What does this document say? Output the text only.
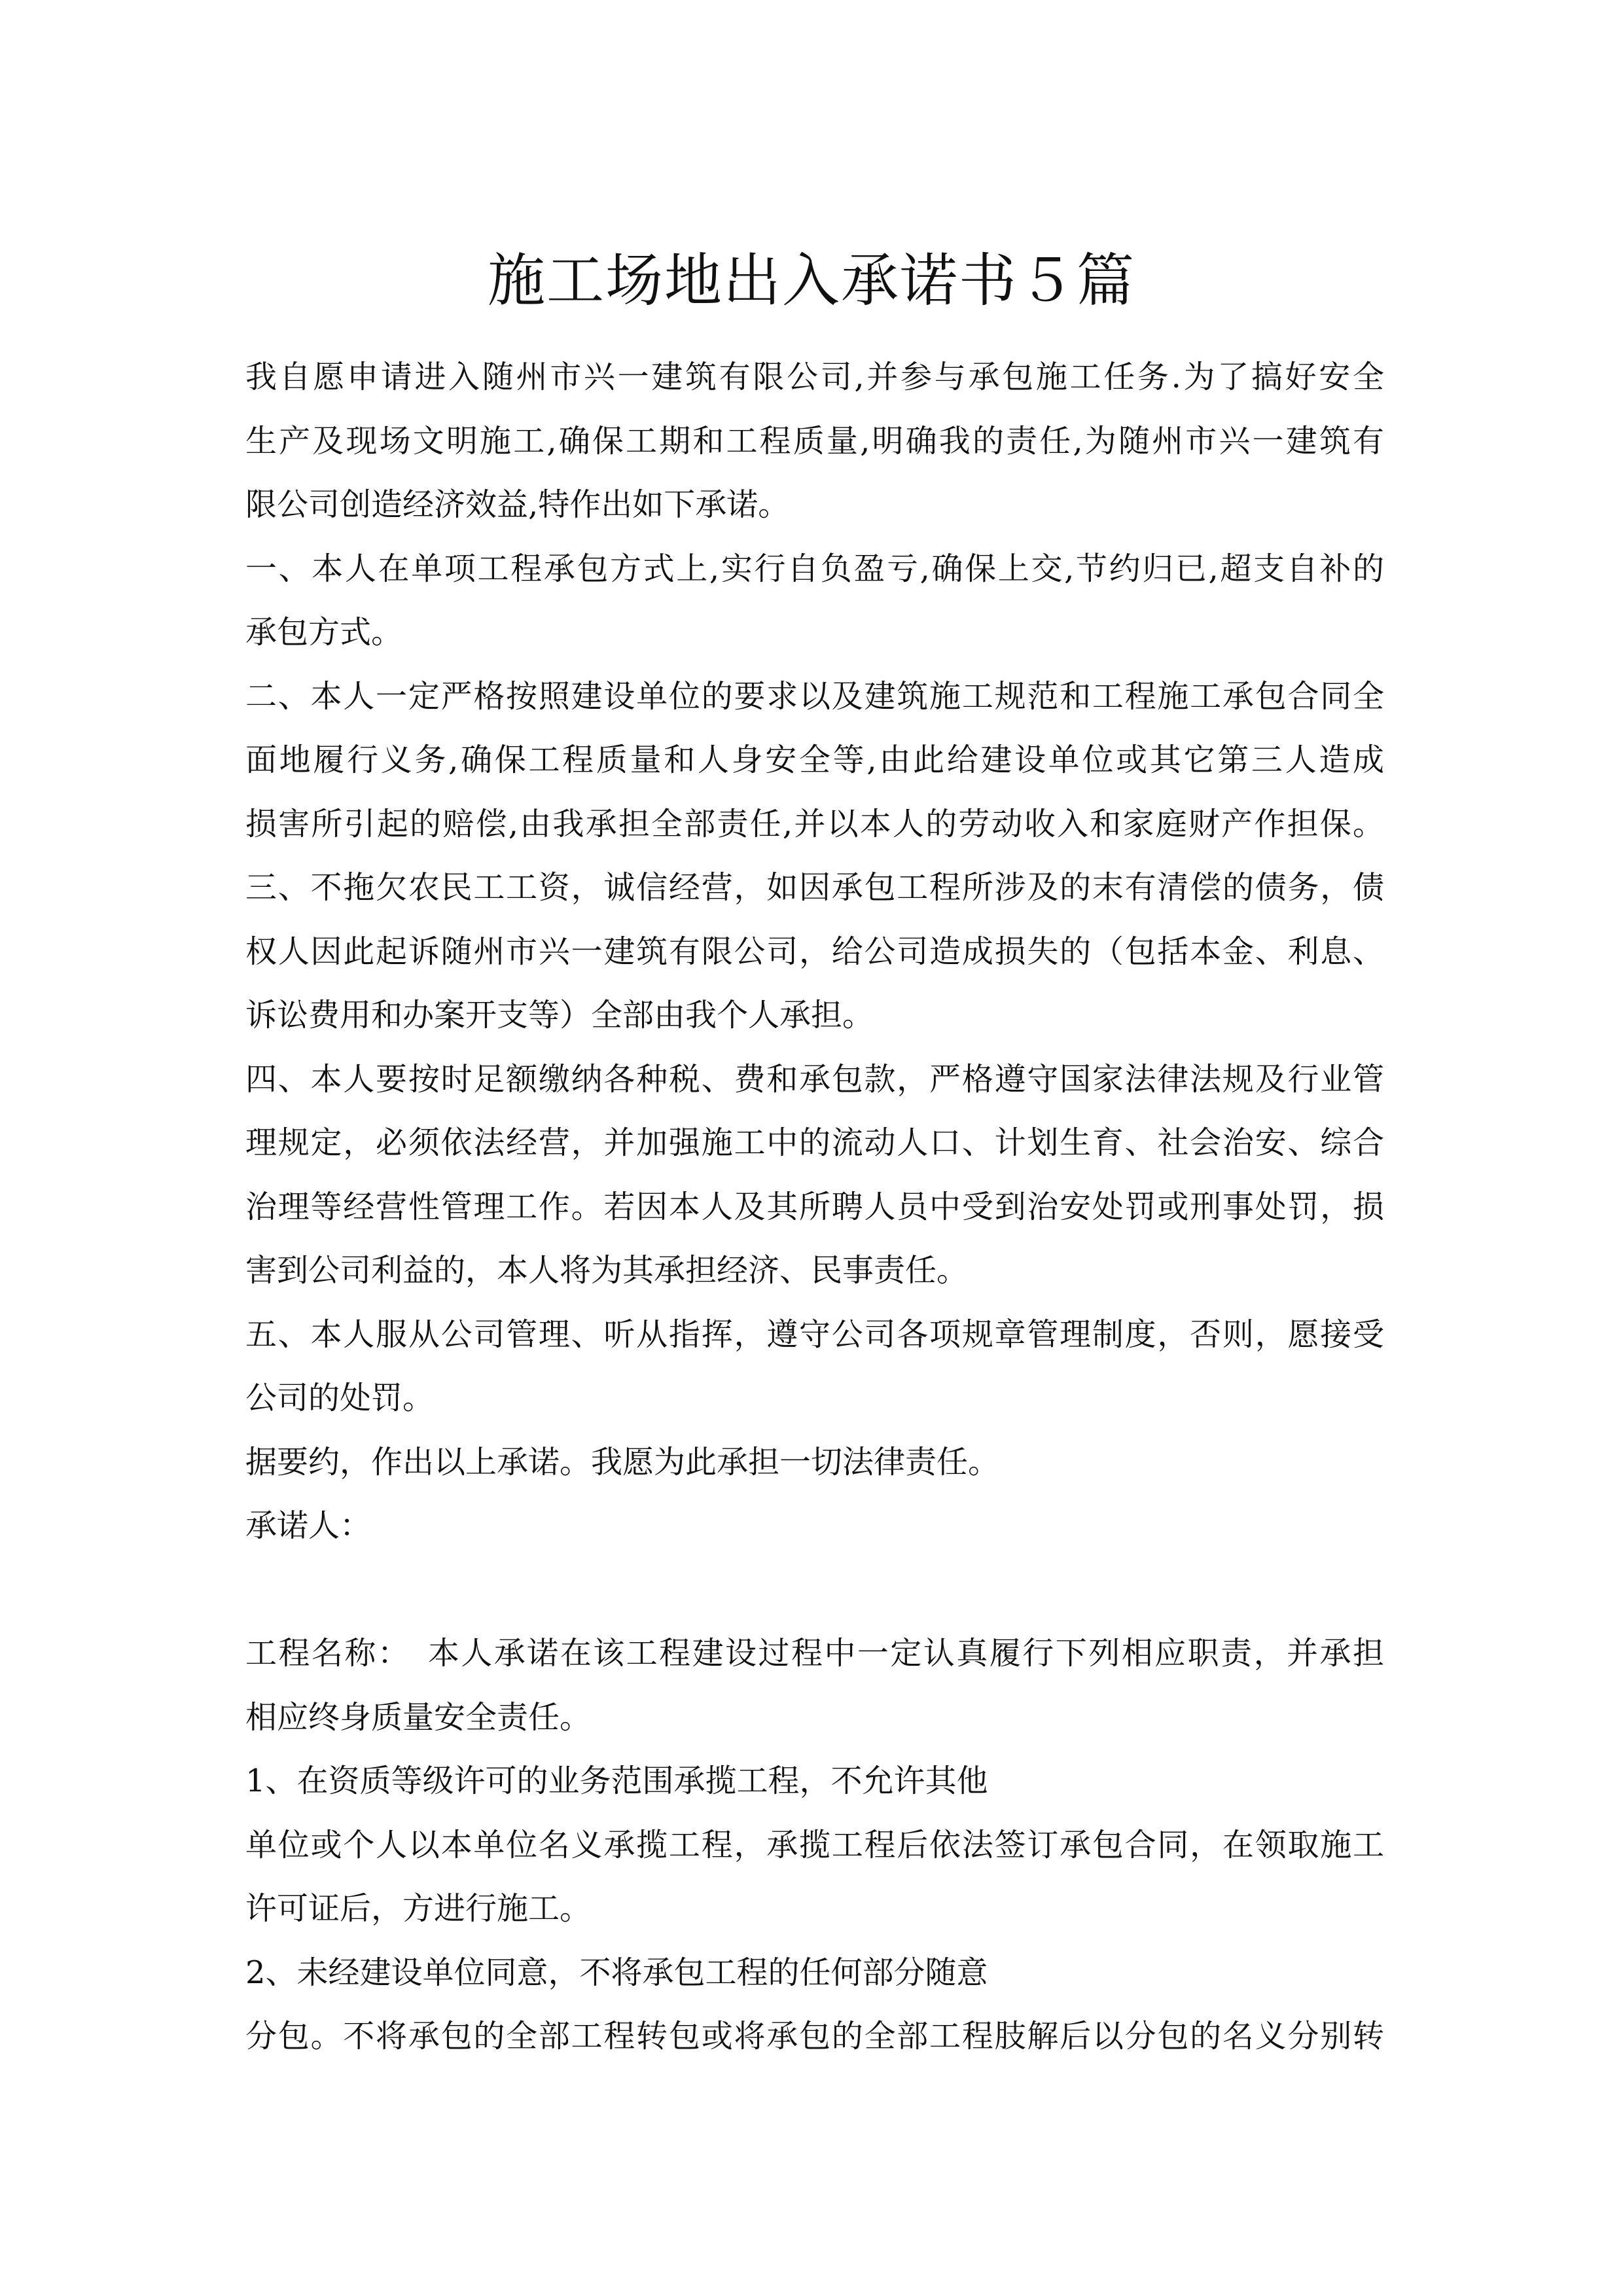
施工场地出入承诺书５篇
我自愿申请进入随州市兴一建筑有限公司,并参与承包施工任务.为了搞好安全
生产及现场文明施工,确保工期和工程质量,明确我的责任,为随州市兴一建筑有
限公司创造经济效益,特作出如下承诺。
一、本人在单项工程承包方式上,实行自负盈亏,确保上交,节约归已,超支自补的
承包方式。
二、本人一定严格按照建设单位的要求以及建筑施工规范和工程施工承包合同全
面地履行义务,确保工程质量和人身安全等,由此给建设单位或其它第三人造成
损害所引起的赔偿,由我承担全部责任,并以本人的劳动收入和家庭财产作担保。
三、不拖欠农民工工资，诚信经营，如因承包工程所涉及的末有清偿的债务，债
权人因此起诉随州市兴一建筑有限公司，给公司造成损失的（包括本金、利息、
诉讼费用和办案开支等）全部由我个人承担。
四、本人要按时足额缴纳各种税、费和承包款，严格遵守国家法律法规及行业管
理规定，必须依法经营，并加强施工中的流动人口、计划生育、社会治安、综合
治理等经营性管理工作。若因本人及其所聘人员中受到治安处罚或刑事处罚，损
害到公司利益的，本人将为其承担经济、民事责任。
五、本人服从公司管理、听从指挥，遵守公司各项规章管理制度，否则，愿接受
公司的处罚。
据要约，作出以上承诺。我愿为此承担一切法律责任。
承诺人：
工程名称：　本人承诺在该工程建设过程中一定认真履行下列相应职责，并承担
相应终身质量安全责任。
1、在资质等级许可的业务范围承揽工程，不允许其他
单位或个人以本单位名义承揽工程，承揽工程后依法签订承包合同，在领取施工
许可证后，方进行施工。
2、未经建设单位同意，不将承包工程的任何部分随意
分包。不将承包的全部工程转包或将承包的全部工程肢解后以分包的名义分别转
